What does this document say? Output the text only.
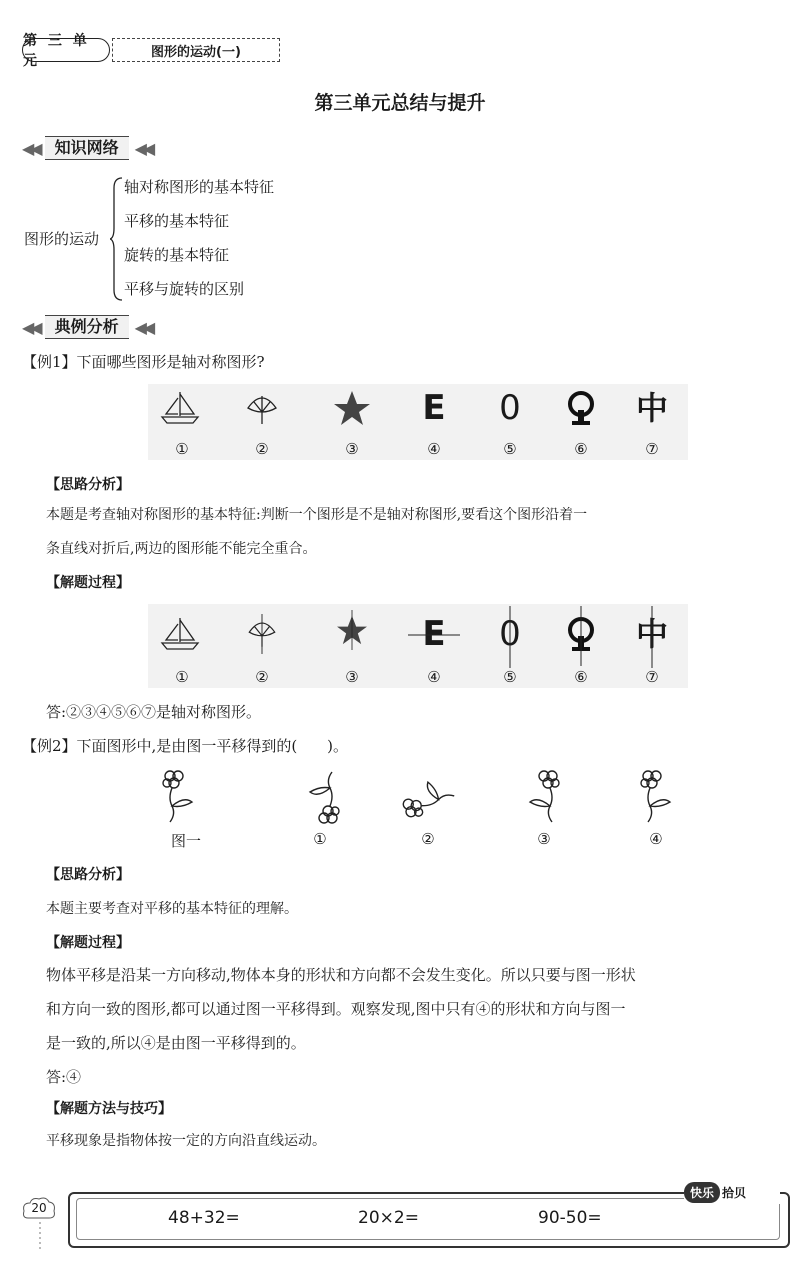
第 三 单 元
图形的运动(一)
第三单元总结与提升
◀◀	知识网络	◀◀
图形的运动
轴对称图形的基本特征
平移的基本特征
旋转的基本特征
平移与旋转的区别
◀◀	典例分析	◀◀
【例1】下面哪些图形是轴对称图形?
E 0	中
①	②	③	④	⑤	⑥	⑦
【思路分析】
本题是考查轴对称图形的基本特征:判断一个图形是不是轴对称图形,要看这个图形沿着一
条直线对折后,两边的图形能不能完全重合。
【解题过程】
E 0	中
①	②	③	④	⑤	⑥	⑦
答:②③④⑤⑥⑦是轴对称图形。
【例2】下面图形中,是由图一平移得到的(　　)。
图一	①	②	③	④
【思路分析】
本题主要考查对平移的基本特征的理解。
【解题过程】
物体平移是沿某一方向移动,物体本身的形状和方向都不会发生变化。所以只要与图一形状
和方向一致的图形,都可以通过图一平移得到。观察发现,图中只有④的形状和方向与图一
是一致的,所以④是由图一平移得到的。
答:④
【解题方法与技巧】
平移现象是指物体按一定的方向沿直线运动。
20
快乐 拾贝
48+32=	20×2=	90-50=
